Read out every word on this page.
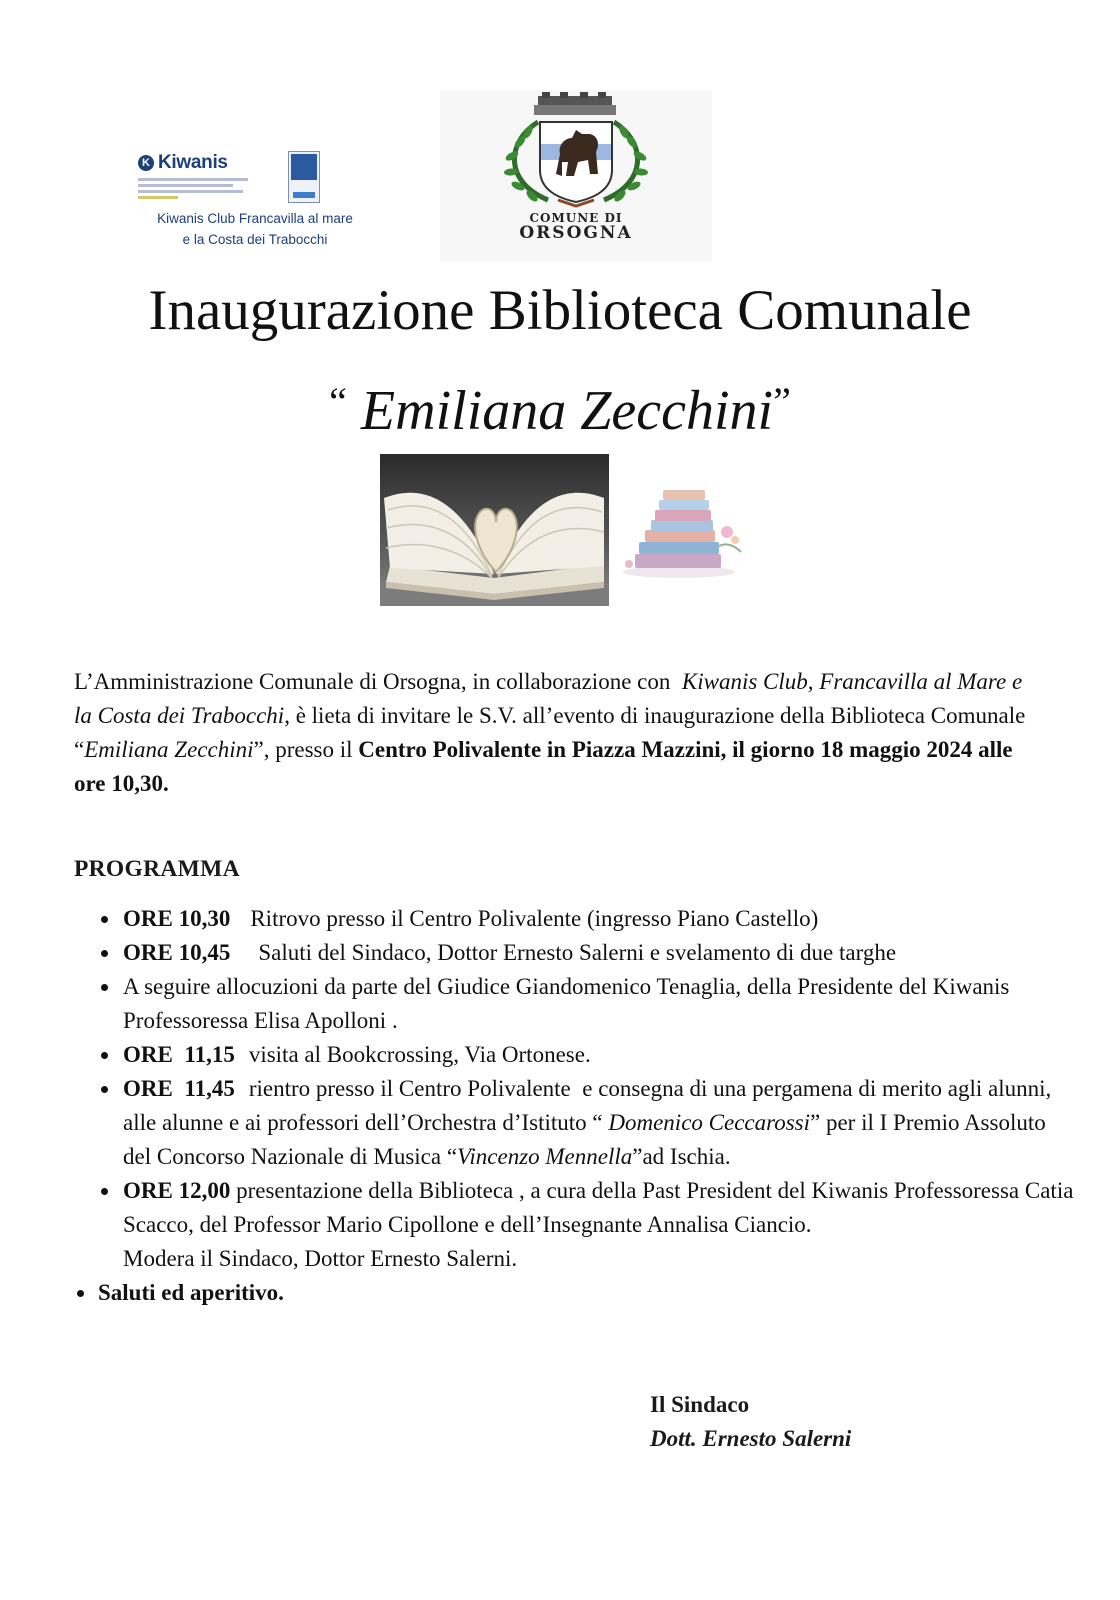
K Kiwanis
Kiwanis Club Francavilla al mare
e la Costa dei Trabocchi
COMUNE DI
ORSOGNA
Inaugurazione Biblioteca Comunale
“ Emiliana Zecchini”
L’Amministrazione Comunale di Orsogna, in collaborazione con Kiwanis Club, Francavilla al Mare e la Costa dei Trabocchi, è lieta di invitare le S.V. all’evento di inaugurazione della Biblioteca Comunale “Emiliana Zecchini”, presso il Centro Polivalente in Piazza Mazzini, il giorno 18 maggio 2024 alle ore 10,30.
PROGRAMMA
ORE 10,30 Ritrovo presso il Centro Polivalente (ingresso Piano Castello)
ORE 10,45 Saluti del Sindaco, Dottor Ernesto Salerni e svelamento di due targhe
A seguire allocuzioni da parte del Giudice Giandomenico Tenaglia, della Presidente del Kiwanis Professoressa Elisa Apolloni .
ORE  11,15 visita al Bookcrossing, Via Ortonese.
ORE  11,45 rientro presso il Centro Polivalente  e consegna di una pergamena di merito agli alunni, alle alunne e ai professori dell’Orchestra d’Istituto “ Domenico Ceccarossi” per il I Premio Assoluto del Concorso Nazionale di Musica “Vincenzo Mennella”ad Ischia.
ORE 12,00 presentazione della Biblioteca , a cura della Past President del Kiwanis Professoressa Catia Scacco, del Professor Mario Cipollone e dell’Insegnante Annalisa Ciancio.
Modera il Sindaco, Dottor Ernesto Salerni.
Saluti ed aperitivo.
Il Sindaco
Dott. Ernesto Salerni
